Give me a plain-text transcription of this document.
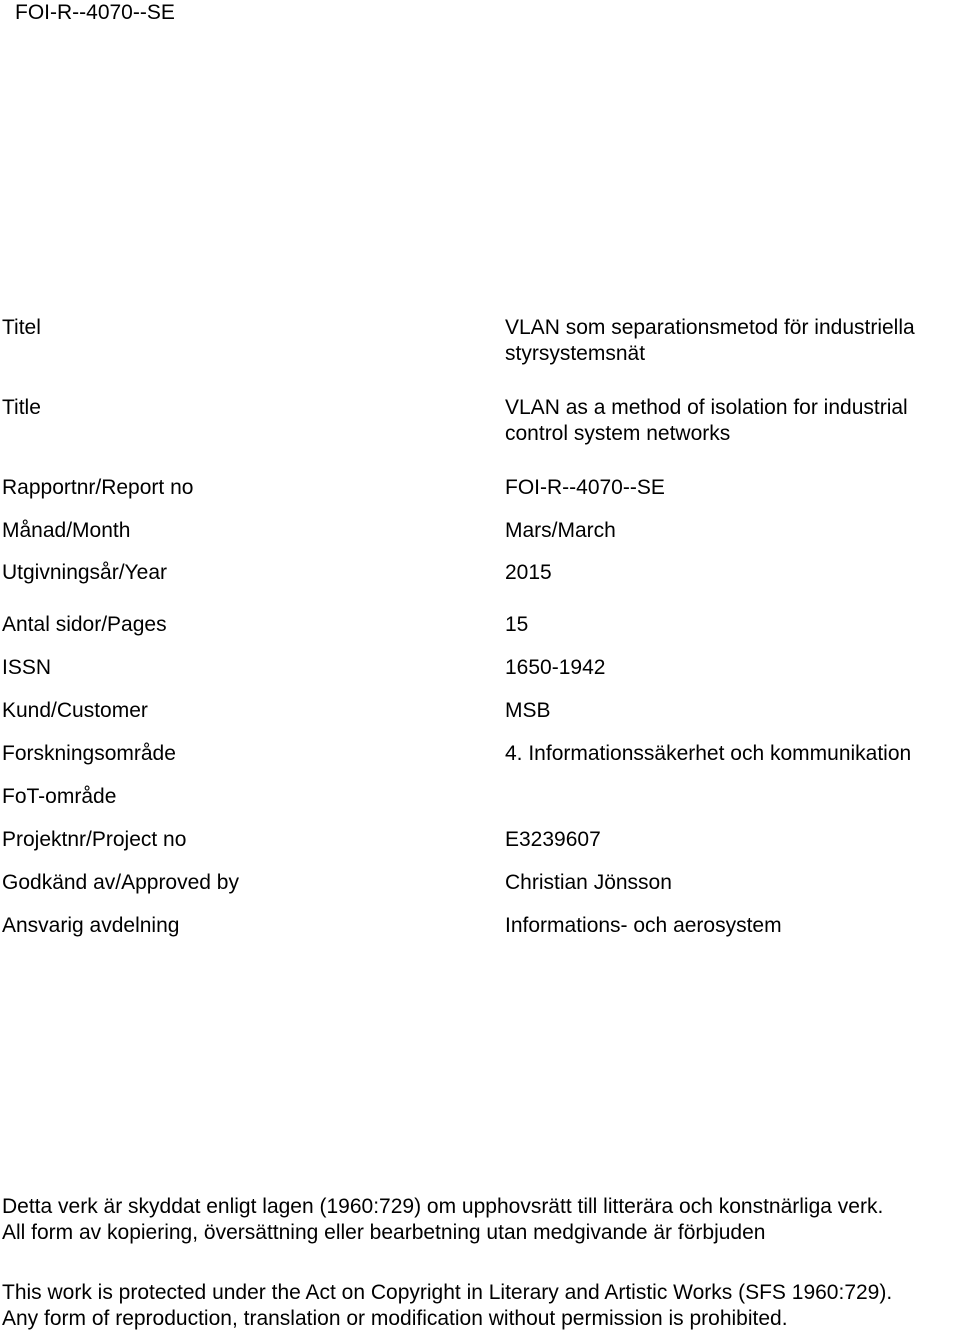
FOI-R--4070--SE
Titel	VLAN som separationsmetod för industriella
styrsystemsnät
Title	VLAN as a method of isolation for industrial
control system networks
Rapportnr/Report no	FOI-R--4070--SE
Månad/Month	Mars/March
Utgivningsår/Year	2015
Antal sidor/Pages	15
ISSN	1650-1942
Kund/Customer	MSB
Forskningsområde	4. Informationssäkerhet och kommunikation
FoT-område
Projektnr/Project no	E3239607
Godkänd av/Approved by	Christian Jönsson
Ansvarig avdelning	Informations- och aerosystem
Detta verk är skyddat enligt lagen (1960:729) om upphovsrätt till litterära och konstnärliga verk.
All form av kopiering, översättning eller bearbetning utan medgivande är förbjuden
This work is protected under the Act on Copyright in Literary and Artistic Works (SFS 1960:729).
Any form of reproduction, translation or modification without permission is prohibited.
